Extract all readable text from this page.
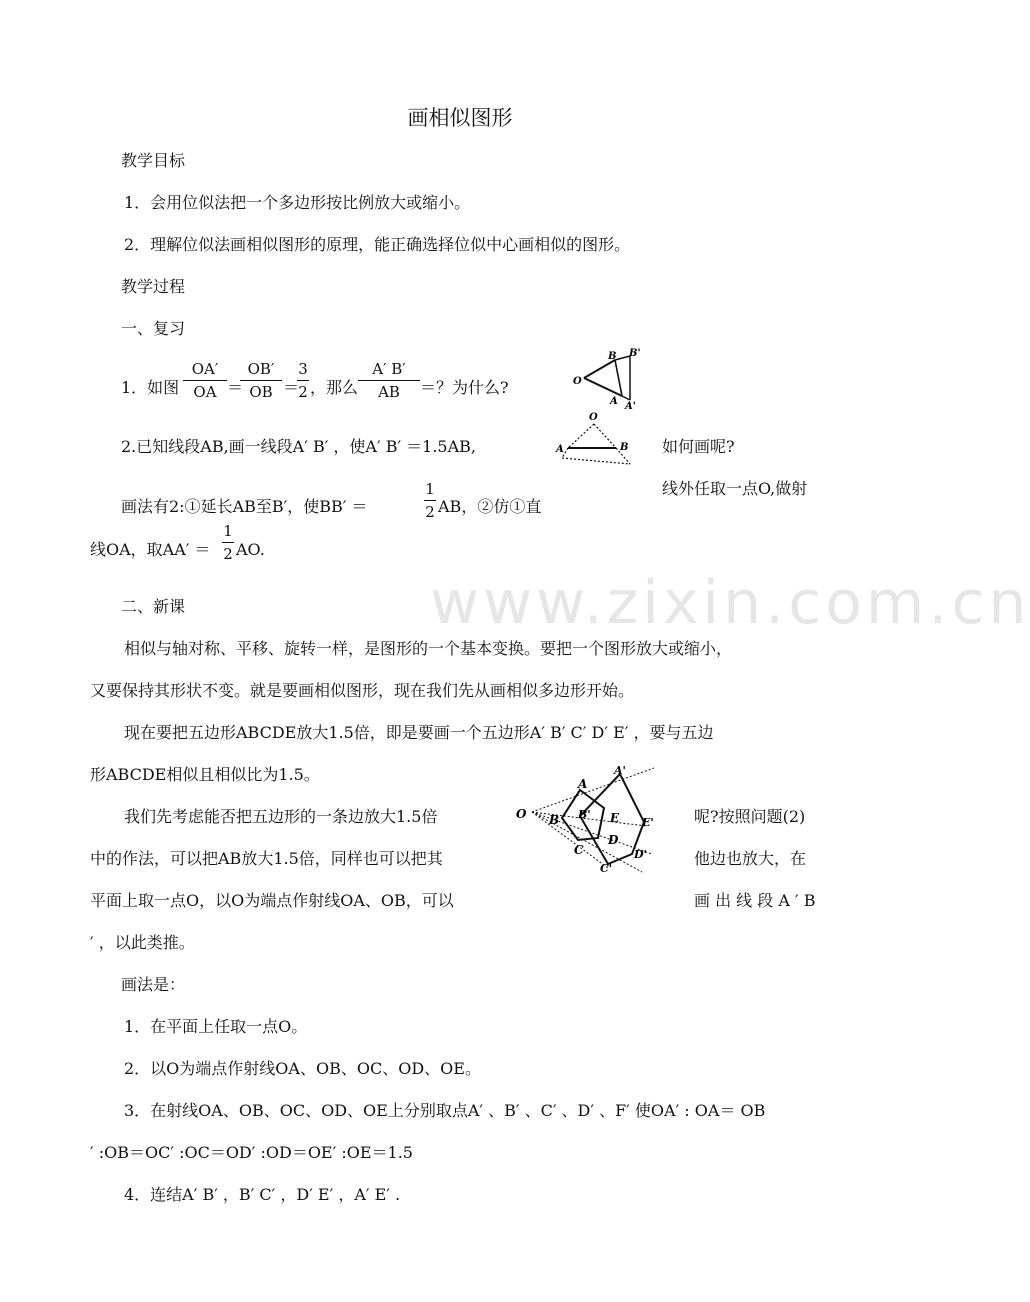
www.zixin.com.cn
画相似图形
教学目标
1．会用位似法把一个多边形按比例放大或缩小。
2．理解位似法画相似图形的原理，能正确选择位似中心画相似的图形。
教学过程
一、复习
1．如图
OA′
OA ＝
OB′
OB ＝
3
2 ，那么
A′ B′
AB	＝？为什么?	O
B B'
A A'
2.已知线段AB,画一线段A′ B′ ，使A′ B′ ＝1.5AB,
O
A	B 如何画呢?
线外任取一点O,做射
画法有2:①延长AB至B′，使BB′ ＝
1
2 AB，②仿①直
线OA，取AA′ ＝
1
2 AO.
二、新课
相似与轴对称、平移、旋转一样，是图形的一个基本变换。要把一个图形放大或缩小，
又要保持其形状不变。就是要画相似图形，现在我们先从画相似多边形开始。
现在要把五边形ABCDE放大1.5倍，即是要画一个五边形A′ B′ C′ D′ E′ ，要与五边
形ABCDE相似且相似比为1.5。
O B
A
A'
B' E
D
C
E'
D'
C'
我们先考虑能否把五边形的一条边放大1.5倍	呢?按照问题(2)
中的作法，可以把AB放大1.5倍，同样也可以把其	他边也放大，在
平面上取一点O，以O为端点作射线OA、OB，可以	画 出 线 段 A ′ B
′ ，以此类推。
画法是：
1．在平面上任取一点O。
2．以O为端点作射线OA、OB、OC、OD、OE。
3．在射线OA、OB、OC、OD、OE上分别取点A′ 、B′ 、C′ 、D′ 、F′ 使OA′ : OA＝ OB
′ :OB＝OC′ :OC＝OD′ :OD＝OE′ :OE＝1.5
4．连结A′ B′ ，B′ C′ ，D′ E′ ，A′ E′ .
